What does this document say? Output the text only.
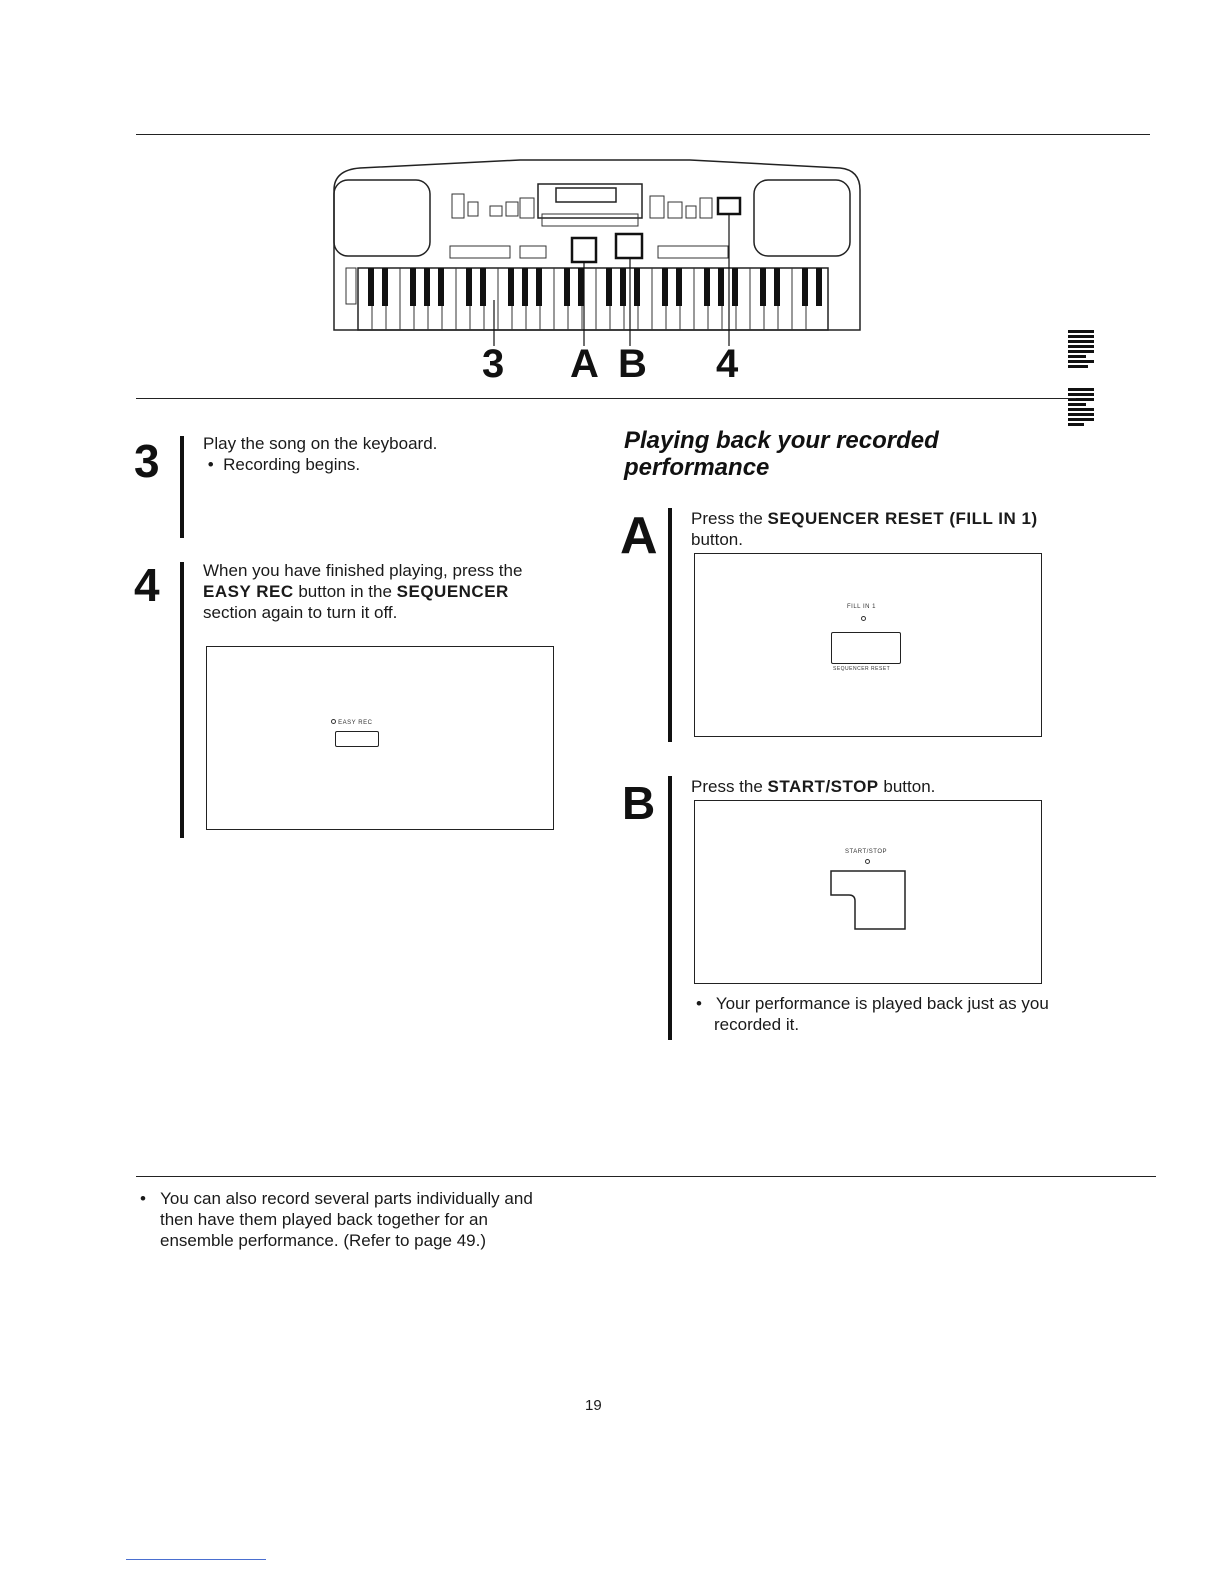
3 A B 4
3	Play the song on the keyboard.
•  Recording begins.
4	When you have finished playing, press the EASY REC button in the SEQUENCER section again to turn it off.
EASY REC
Playing back your recorded performance
A Press the SEQUENCER RESET (FILL IN 1) button.
FILL IN 1
SEQUENCER RESET
B Press the START/STOP button.
START/STOP
•   Your performance is played back just as you recorded it.
•   You can also record several parts individually and then have them played back together for an ensemble performance. (Refer to page 49.)
19
